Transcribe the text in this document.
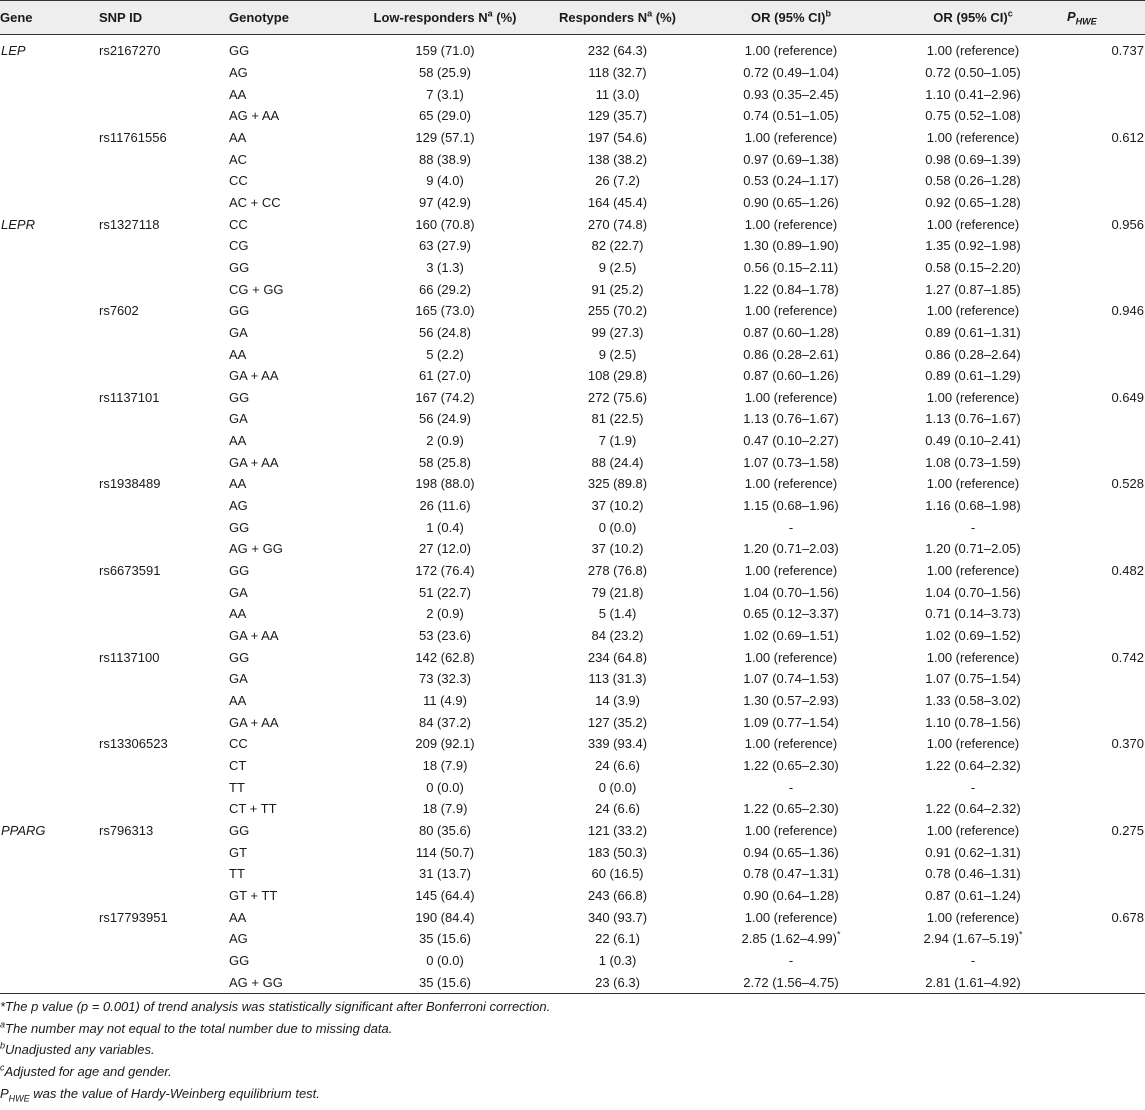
Gene	SNP ID	Genotype	Low-responders $N^a$ (%)	Responders $N^a$ (%)	OR (95% CI)$^b$	OR (95% CI)$^c$	$P_{HWE}$

LEP	rs2167270	GG	159 (71.0)	232 (64.3)	1.00 (reference)	1.00 (reference)	0.737
		AG	58 (25.9)	118 (32.7)	0.72 (0.49–1.04)	0.72 (0.50–1.05)	
		AA	7 (3.1)	11 (3.0)	0.93 (0.35–2.45)	1.10 (0.41–2.96)	
		AG + AA	65 (29.0)	129 (35.7)	0.74 (0.51–1.05)	0.75 (0.52–1.08)	
	rs11761556	AA	129 (57.1)	197 (54.6)	1.00 (reference)	1.00 (reference)	0.612
		AC	88 (38.9)	138 (38.2)	0.97 (0.69–1.38)	0.98 (0.69–1.39)	
		CC	9 (4.0)	26 (7.2)	0.53 (0.24–1.17)	0.58 (0.26–1.28)	
		AC + CC	97 (42.9)	164 (45.4)	0.90 (0.65–1.26)	0.92 (0.65–1.28)	
LEPR	rs1327118	CC	160 (70.8)	270 (74.8)	1.00 (reference)	1.00 (reference)	0.956
		CG	63 (27.9)	82 (22.7)	1.30 (0.89–1.90)	1.35 (0.92–1.98)	
		GG	3 (1.3)	9 (2.5)	0.56 (0.15–2.11)	0.58 (0.15–2.20)	
		CG + GG	66 (29.2)	91 (25.2)	1.22 (0.84–1.78)	1.27 (0.87–1.85)	
	rs7602	GG	165 (73.0)	255 (70.2)	1.00 (reference)	1.00 (reference)	0.946
		GA	56 (24.8)	99 (27.3)	0.87 (0.60–1.28)	0.89 (0.61–1.31)	
		AA	5 (2.2)	9 (2.5)	0.86 (0.28–2.61)	0.86 (0.28–2.64)	
		GA + AA	61 (27.0)	108 (29.8)	0.87 (0.60–1.26)	0.89 (0.61–1.29)	
	rs1137101	GG	167 (74.2)	272 (75.6)	1.00 (reference)	1.00 (reference)	0.649
		GA	56 (24.9)	81 (22.5)	1.13 (0.76–1.67)	1.13 (0.76–1.67)	
		AA	2 (0.9)	7 (1.9)	0.47 (0.10–2.27)	0.49 (0.10–2.41)	
		GA + AA	58 (25.8)	88 (24.4)	1.07 (0.73–1.58)	1.08 (0.73–1.59)	
	rs1938489	AA	198 (88.0)	325 (89.8)	1.00 (reference)	1.00 (reference)	0.528
		AG	26 (11.6)	37 (10.2)	1.15 (0.68–1.96)	1.16 (0.68–1.98)	
		GG	1 (0.4)	0 (0.0)	-	-	
		AG + GG	27 (12.0)	37 (10.2)	1.20 (0.71–2.03)	1.20 (0.71–2.05)	
	rs6673591	GG	172 (76.4)	278 (76.8)	1.00 (reference)	1.00 (reference)	0.482
		GA	51 (22.7)	79 (21.8)	1.04 (0.70–1.56)	1.04 (0.70–1.56)	
		AA	2 (0.9)	5 (1.4)	0.65 (0.12–3.37)	0.71 (0.14–3.73)	
		GA + AA	53 (23.6)	84 (23.2)	1.02 (0.69–1.51)	1.02 (0.69–1.52)	
	rs1137100	GG	142 (62.8)	234 (64.8)	1.00 (reference)	1.00 (reference)	0.742
		GA	73 (32.3)	113 (31.3)	1.07 (0.74–1.53)	1.07 (0.75–1.54)	
		AA	11 (4.9)	14 (3.9)	1.30 (0.57–2.93)	1.33 (0.58–3.02)	
		GA + AA	84 (37.2)	127 (35.2)	1.09 (0.77–1.54)	1.10 (0.78–1.56)	
	rs13306523	CC	209 (92.1)	339 (93.4)	1.00 (reference)	1.00 (reference)	0.370
		CT	18 (7.9)	24 (6.6)	1.22 (0.65–2.30)	1.22 (0.64–2.32)	
		TT	0 (0.0)	0 (0.0)	-	-	
		CT + TT	18 (7.9)	24 (6.6)	1.22 (0.65–2.30)	1.22 (0.64–2.32)	
PPARG	rs796313	GG	80 (35.6)	121 (33.2)	1.00 (reference)	1.00 (reference)	0.275
		GT	114 (50.7)	183 (50.3)	0.94 (0.65–1.36)	0.91 (0.62–1.31)	
		TT	31 (13.7)	60 (16.5)	0.78 (0.47–1.31)	0.78 (0.46–1.31)	
		GT + TT	145 (64.4)	243 (66.8)	0.90 (0.64–1.28)	0.87 (0.61–1.24)	
	rs17793951	AA	190 (84.4)	340 (93.7)	1.00 (reference)	1.00 (reference)	0.678
		AG	35 (15.6)	22 (6.1)	2.85 (1.62–4.99)*	2.94 (1.67–5.19)*	
		GG	0 (0.0)	1 (0.3)	-	-	
		AG + GG	35 (15.6)	23 (6.3)	2.72 (1.56–4.75)	2.81 (1.61–4.92)	
*The p value (p = 0.001) of trend analysis was statistically significant after Bonferroni correction.
$^a$The number may not equal to the total number due to missing data.
$^b$Unadjusted any variables.
$^c$Adjusted for age and gender.
$P_{HWE}$ was the value of Hardy-Weinberg equilibrium test.
